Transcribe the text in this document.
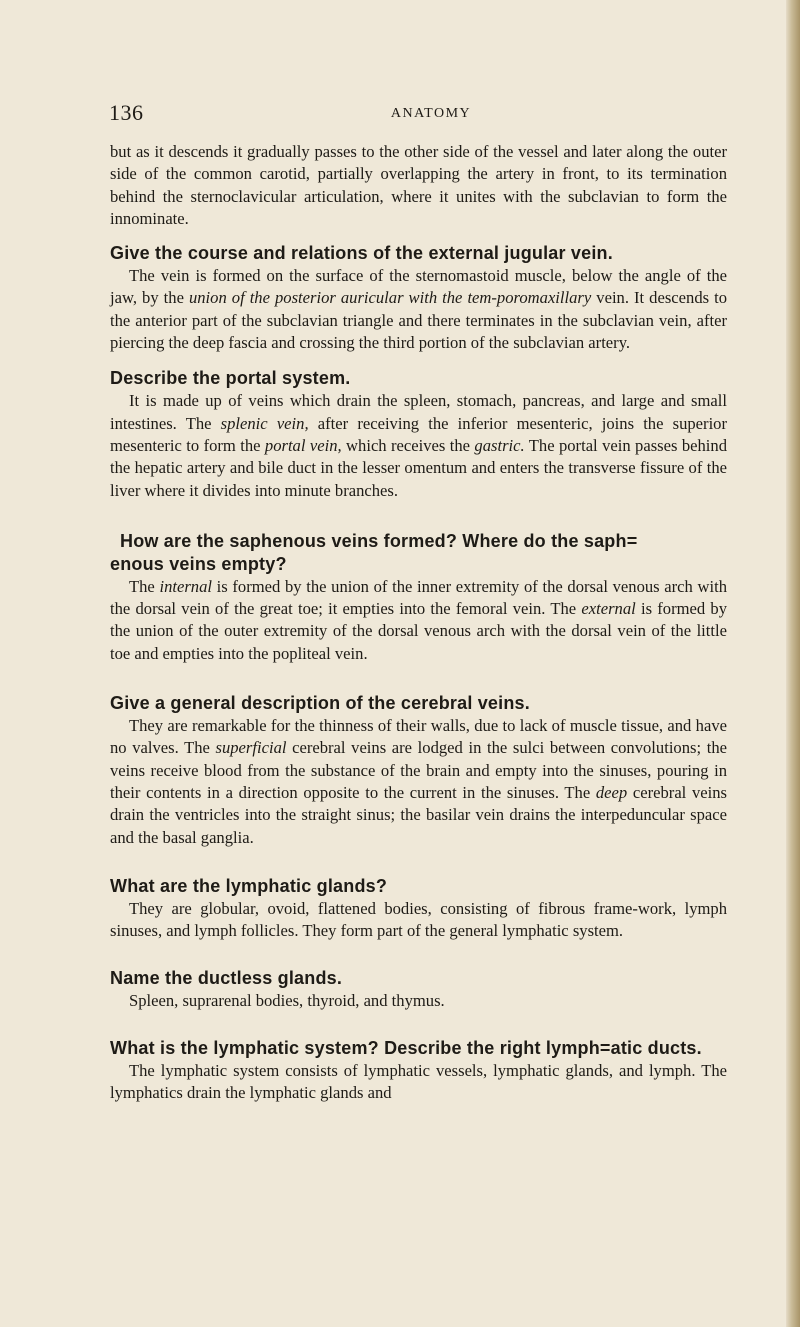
136	ANATOMY

but as it descends it gradually passes to the other side of the vessel and later along the outer side of the common carotid, partially overlapping the artery in front, to its termination behind the sternoclavicular articulation, where it unites with the subclavian to form the innominate.

Give the course and relations of the external jugular vein.

The vein is formed on the surface of the sternomastoid muscle, below the angle of the jaw, by the union of the posterior auricular with the tem-poromaxillary vein. It descends to the anterior part of the subclavian triangle and there terminates in the subclavian vein, after piercing the deep fascia and crossing the third portion of the subclavian artery.

Describe the portal system.

It is made up of veins which drain the spleen, stomach, pancreas, and large and small intestines. The splenic vein, after receiving the inferior mesenteric, joins the superior mesenteric to form the portal vein, which receives the gastric. The portal vein passes behind the hepatic artery and bile duct in the lesser omentum and enters the transverse fissure of the liver where it divides into minute branches.

How are the saphenous veins formed? Where do the saph=
enous veins empty?

The internal is formed by the union of the inner extremity of the dorsal venous arch with the dorsal vein of the great toe; it empties into the femoral vein. The external is formed by the union of the outer extremity of the dorsal venous arch with the dorsal vein of the little toe and empties into the popliteal vein.

Give a general description of the cerebral veins.

They are remarkable for the thinness of their walls, due to lack of muscle tissue, and have no valves. The superficial cerebral veins are lodged in the sulci between convolutions; the veins receive blood from the substance of the brain and empty into the sinuses, pouring in their contents in a direction opposite to the current in the sinuses. The deep cerebral veins drain the ventricles into the straight sinus; the basilar vein drains the interpeduncular space and the basal ganglia.

What are the lymphatic glands?

They are globular, ovoid, flattened bodies, consisting of fibrous frame-work, lymph sinuses, and lymph follicles. They form part of the general lymphatic system.

Name the ductless glands.

Spleen, suprarenal bodies, thyroid, and thymus.

What is the lymphatic system? Describe the right lymph=atic ducts.

The lymphatic system consists of lymphatic vessels, lymphatic glands, and lymph. The lymphatics drain the lymphatic glands and
